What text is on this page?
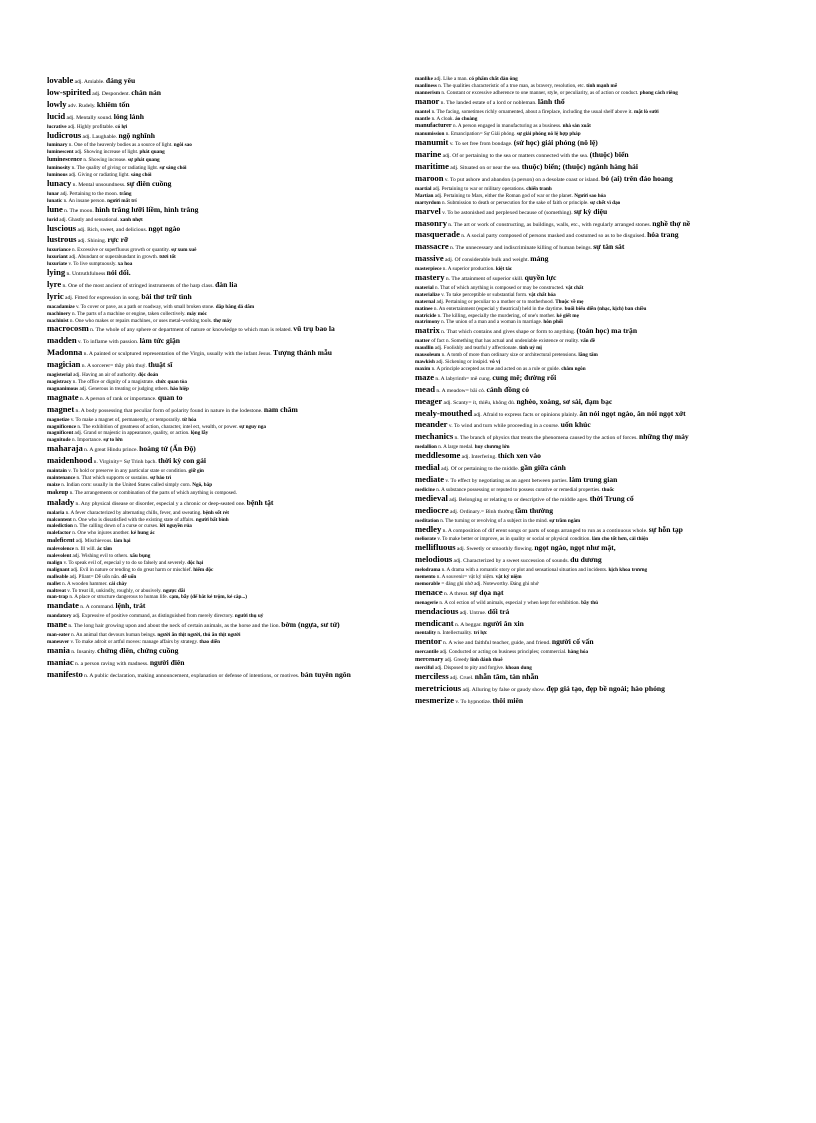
lovable adj. Amiable. đáng yêu

low-spirited adj. Despondent. chán nản

lowly adv. Rudely. khiêm tốn

lucid adj. Mentally sound. lóng lánh

lucrative adj. Highly profitable. có lợi

ludicrous adj. Laughable. ngộ nghĩnh

luminary n. One of the heavenly bodies as a source of light. ngôi sao

luminescent adj. Showing increase of light. phát quang

luminescence n. Showing increase. sự phát quang

luminosity n. The quality of giving or radiating light. sự sáng chói

luminous adj. Giving or radiating light. sáng chói

lunacy n. Mental unsoundness. sự điên cuồng

lunar adj. Pertaining to the moon. trăng

lunatic n. An insane person. người mất trí

lune n. The moon. hình trăng lưỡi liềm, hình trăng

lurid adj. Ghastly and sensational. xanh nhợt

luscious adj. Rich, sweet, and delicious. ngọt ngào

lustrous adj. Shining. rực rỡ

luxuriance n. Excessive or superfluous growth or quantity. sự xum xuê

luxuriant adj. Abundant or superabundant in growth. tươi tốt

luxuriate v. To live sumptuously. xa hoa

lying n. Untruthfulness nói dối.

lyre n. One of the most ancient of stringed instruments of the harp class. đàn lia

lyric adj. Fitted for expression in song. bài thơ trữ tình

macadamize v. To cover or pave, as a path or roadway, with small broken stone. đắp bằng đá dăm

machinery n. The parts of a machine or engine, taken collectively. máy móc

machinist n. One who makes or repairs machines, or uses metal-working tools. thợ máy

macrocosm n. The whole of any sphere or department of nature or knowledge to which man is related. vũ trụ bao la

madden v. To inflame with passion. làm tức giận

Madonna n. A painted or sculptured representation of the Virgin, usually with the infant Jesus. Tượng thánh mẫu

magician n. A sorcerer= thầy phù thuỷ. thuật sĩ

magisterial adj. Having an air of authority. độc đoán

magistracy n. The office or dignity of a magistrate. chức quan tòa

magnanimous adj. Generous in treating or judging others. hào hiệp

magnate n. A person of rank or importance. quan to

magnet n. A body possessing that peculiar form of polarity found in nature in the lodestone. nam châm

magnetize v. To make a magnet of, permanently, or temporarily. từ hóa

magnificence n. The exhibition of greatness of action, character, intel ect, wealth, or power. sự nguy nga

magnificent adj. Grand or majestic in appearance, quality, or action. lộng lẫy

magnitude n. Importance. sự to lớn

maharaja n. A great Hindu prince. hoàng tử (Ấn Độ)

maidenhood n. Virginity= Sự Trinh bạch. thời kỳ con gái

maintain v. To hold or preserve in any particular state or condition. giữ gìn

maintenance n. That which supports or sustains. sự bảo trì

maize n. Indian corn: usually in the United States called simply corn. Ngô, bắp

makeup n. The arrangements or combination of the parts of which anything is composed.

malady n. Any physical disease or disorder, especial y a chronic or deep-seated one. bệnh tật

malaria n. A fever characterized by alternating chills, fever, and sweating. bệnh sốt rét

malcontent n. One who is dissatisfied with the existing state of affairs. người bất bình

malediction n. The calling down of a curse or curses. lời nguyền rủa

malefactor n. One who injures another. kẻ hung ác

maleficent adj. Mischievous. làm hại

malevolence n. Ill will. ác tâm

malevolent adj. Wishing evil to others. xấu bụng

malign v. To speak evil of, especial y to do so falsely and severely. độc hại

malignant adj. Evil in nature or tending to do great harm or mischief. hiểm độc

malleable adj. Pliant= Dễ uốn nắn. dễ uốn

mallet n. A wooden hammer. cái chày

maltreat v. To treat ill, unkindly, roughly, or abusively. ngược đãi

man-trap n. A place or structure dangerous to human life. cạm, bẫy (để bắt kẻ trộm, kẻ cắp...)

mandate n. A command. lệnh, trát

mandatory adj. Expressive of positive command, as distinguished from merely directory. người thụ uỷ

mane n. The long hair growing upon and about the neck of certain animals, as the horse and the lion. bờm (ngựa, sư tử)

man-eater n. An animal that devours human beings. người ăn thịt người, thú ăn thịt người

maneuver v. To make adroit or artful moves: manage affairs by strategy. thao diễn

mania n. Insanity. chứng điên, chứng cuồng

maniac n. a person raving with madness. người điên

manifesto n. A public declaration, making announcement, explanation or defense of intentions, or motives. bản tuyên ngôn

manlike adj. Like a man. có phẩm chất đàn ông

manliness n. The qualities characteristic of a true man, as bravery, resolution, etc. tính mạnh mẽ

mannerism n. Constant or excessive adherence to one manner, style, or peculiarity, as of action or conduct. phong cách riêng

manor n. The landed estate of a lord or nobleman. lãnh thổ

mantel n. The facing, sometimes richly ornamented, about a fireplace, including the usual shelf above it. mặt lò sưởi

mantle n. A cloak. áo choàng

manufacturer n. A person engaged in manufacturing as a business. nhà sản xuất

manumission n. Emancipation= Sự Giải phóng. sự giải phóng nô lệ hợp pháp

manumit v. To set free from bondage. (sử học) giải phóng (nô lệ)

marine adj. Of or pertaining to the sea or matters connected with the sea. (thuộc) biển

maritime adj. Situated on or near the sea. thuộc) biển; (thuộc) ngành hàng hải

maroon v. To put ashore and abandon (a person) on a desolate coast or island. bỏ (ai) trên đảo hoang

martial adj. Pertaining to war or military operations. chiến tranh

Martian adj. Pertaining to Mars, either the Roman god of war or the planet. Người sao hỏa

martyrdom n. Submission to death or persecution for the sake of faith or principle. sự chết vì đạo

marvel v. To be astonished and perplexed because of (something). sự kỳ diệu

masonry n. The art or work of constructing, as buildings, walls, etc., with regularly arranged stones. nghề thợ nề

masquerade n. A social party composed of persons masked and costumed so as to be disguised. hóa trang

massacre n. The unnecessary and indiscriminate killing of human beings. sự tàn sát

massive adj. Of considerable bulk and weight. mảng

masterpiece n. A superior production. kiệt tác

mastery n. The attainment of superior skill. quyền lực

material n. That of which anything is composed or may be constructed. vật chất

materialize v. To take perceptible or substantial form. vật chất hóa

maternal adj. Pertaining or peculiar to a mother or to motherhood. Thuộc về mẹ

matinee n. An entertainment (especial y theatrical) held in the daytime. buổi biểu diễn (nhạc, kịch) ban chiều

matricide n. The killing, especially the murdering, of one's mother. kẻ giết mẹ

matrimony n. The union of a man and a woman in marriage. hôn phối

matrix n. That which contains and gives shape or form to anything. (toán học) ma trận

matter of fact n. Something that has actual and undeniable existence or reality. vấn đề

maudlin adj. Foolishly and tearful y affectionate. tình uỷ mị

mausoleum n. A tomb of more than ordinary size or architectural pretensions. lăng tẩm

mawkish adj. Sickening or insipid. vô vị

maxim n. A principle accepted as true and acted on as a rule or guide. châm ngôn

maze n. A labyrinth= mê cung. cung mê; đường rối

mead n. A meadow= bãi cỏ. cánh đồng cỏ

meager adj. Scanty= ít, thiếu, không đủ. nghèo, xoàng, sơ sài, đạm bạc

mealy-mouthed adj. Afraid to express facts or opinions plainly. ăn nói ngọt ngào, ăn nói ngọt xớt

meander v. To wind and turn while proceeding in a course. uốn khúc

mechanics n. The branch of physics that treats the phenomena caused by the action of forces. những thợ máy

medallion n. A large medal. huy chương lớn

meddlesome adj. Interfering. thích xen vào

medial adj. Of or pertaining to the middle. gần giữa cánh

mediate v. To effect by negotiating as an agent between parties. làm trung gian

medicine n. A substance possessing or reputed to possess curative or remedial properties. thuốc

medieval adj. Belonging or relating to or descriptive of the middle ages. thời Trung cổ

mediocre adj. Ordinary.= Bình thường tầm thường

meditation n. The turning or revolving of a subject in the mind. sự trầm ngâm

medley n. A composition of dif erent songs or parts of songs arranged to run as a continuous whole. sự hỗn tạp

meliorate v. To make better or improve, as in quality or social or physical condition. làm cho tốt hơn, cải thiện

mellifluous adj. Sweetly or smoothly flowing. ngọt ngào, ngọt như mật,

melodious adj. Characterized by a sweet succession of sounds. du dương

melodrama n. A drama with a romantic story or plot and sensational situation and incidents. kịch khoa trương

memento n. A souvenir= vật kỷ niệm. vật kỷ niệm

memorable = đáng ghi nhớ adj. Noteworthy. Đáng ghi nhớ

menace n. A threat. sự dọa nạt

menagerie n. A col ection of wild animals, especial y when kept for exhibition. bầy thú

mendacious adj. Untrue. dối trá

mendicant n. A beggar. người ăn xin

mentality n. Intellectuality. trí lực

mentor n. A wise and faithful teacher, guide, and friend. người cố vấn

mercantile adj. Conducted or acting on business principles; commercial. hàng hóa

mercenary adj. Greedy lính đánh thuê

merciful adj. Disposed to pity and forgive. khoan dung

merciless adj. Cruel. nhẫn tâm, tàn nhẫn

meretricious adj. Alluring by false or gaudy show. đẹp giả tạo, đẹp bề ngoài; hào phóng

mesmerize v. To hypnotize. thôi miên
